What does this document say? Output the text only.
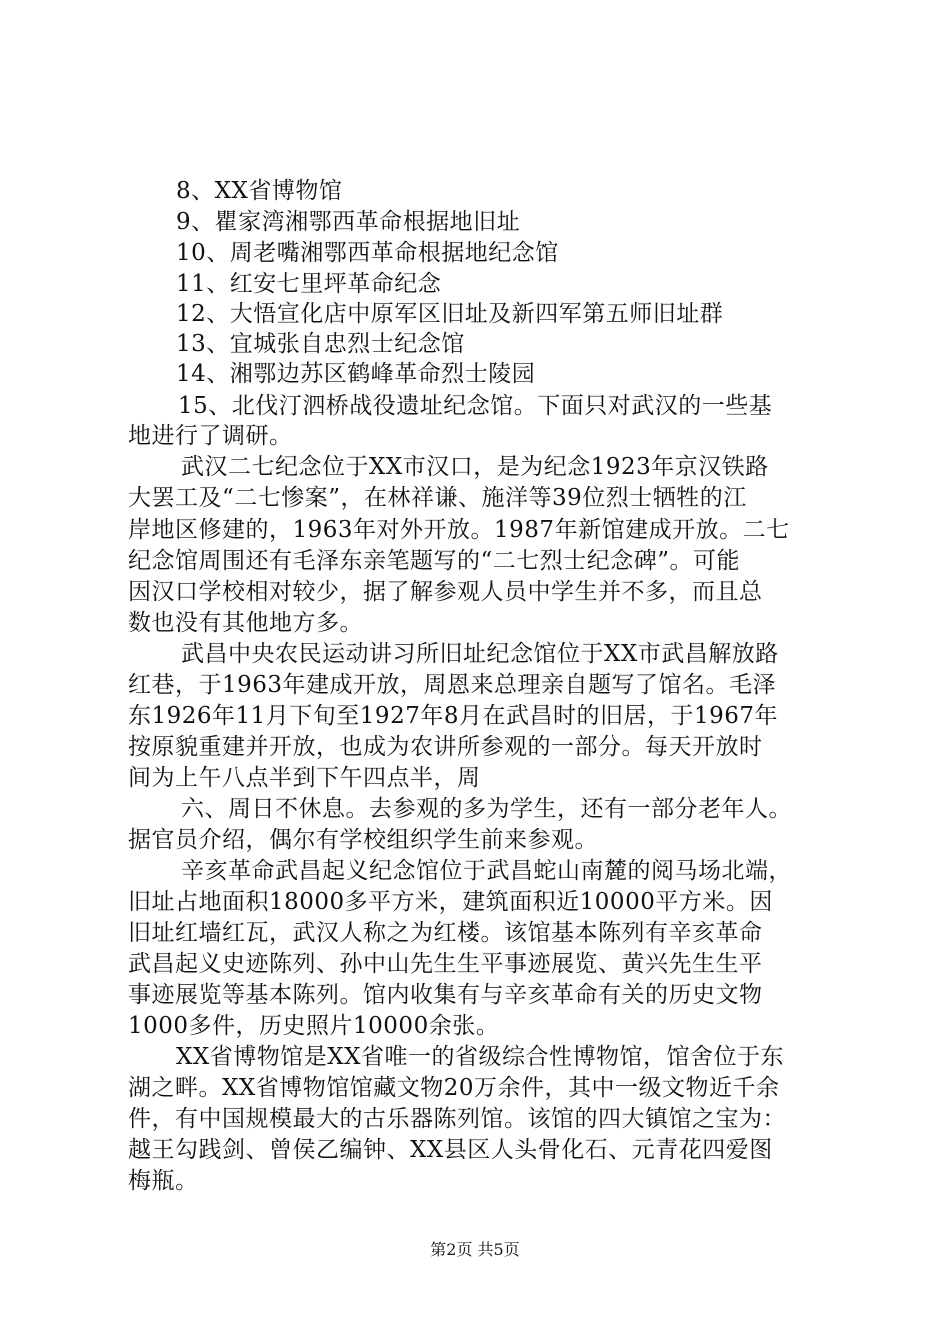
8、XX省博物馆
9、瞿家湾湘鄂西革命根据地旧址
10、周老嘴湘鄂西革命根据地纪念馆
11、红安七里坪革命纪念
12、大悟宣化店中原军区旧址及新四军第五师旧址群
13、宜城张自忠烈士纪念馆
14、湘鄂边苏区鹤峰革命烈士陵园
15、北伐汀泗桥战役遗址纪念馆。下面只对武汉的一些基
地进行了调研。
武汉二七纪念位于XX市汉口，是为纪念1923年京汉铁路
大罢工及“二七惨案”，在林祥谦、施洋等39位烈士牺牲的江
岸地区修建的，1963年对外开放。1987年新馆建成开放。二七
纪念馆周围还有毛泽东亲笔题写的“二七烈士纪念碑”。可能
因汉口学校相对较少，据了解参观人员中学生并不多，而且总
数也没有其他地方多。
武昌中央农民运动讲习所旧址纪念馆位于XX市武昌解放路
红巷，于1963年建成开放，周恩来总理亲自题写了馆名。毛泽
东1926年11月下旬至1927年8月在武昌时的旧居，于1967年
按原貌重建并开放，也成为农讲所参观的一部分。每天开放时
间为上午八点半到下午四点半，周
六、周日不休息。去参观的多为学生，还有一部分老年人。
据官员介绍，偶尔有学校组织学生前来参观。
辛亥革命武昌起义纪念馆位于武昌蛇山南麓的阅马场北端，
旧址占地面积18000多平方米，建筑面积近10000平方米。因
旧址红墙红瓦，武汉人称之为红楼。该馆基本陈列有辛亥革命
武昌起义史迹陈列、孙中山先生生平事迹展览、黄兴先生生平
事迹展览等基本陈列。馆内收集有与辛亥革命有关的历史文物
1000多件，历史照片10000余张。
XX省博物馆是XX省唯一的省级综合性博物馆，馆舍位于东
湖之畔。XX省博物馆馆藏文物20万余件，其中一级文物近千余
件，有中国规模最大的古乐器陈列馆。该馆的四大镇馆之宝为：
越王勾践剑、曾侯乙编钟、XX县区人头骨化石、元青花四爱图
梅瓶。
第2页 共5页
